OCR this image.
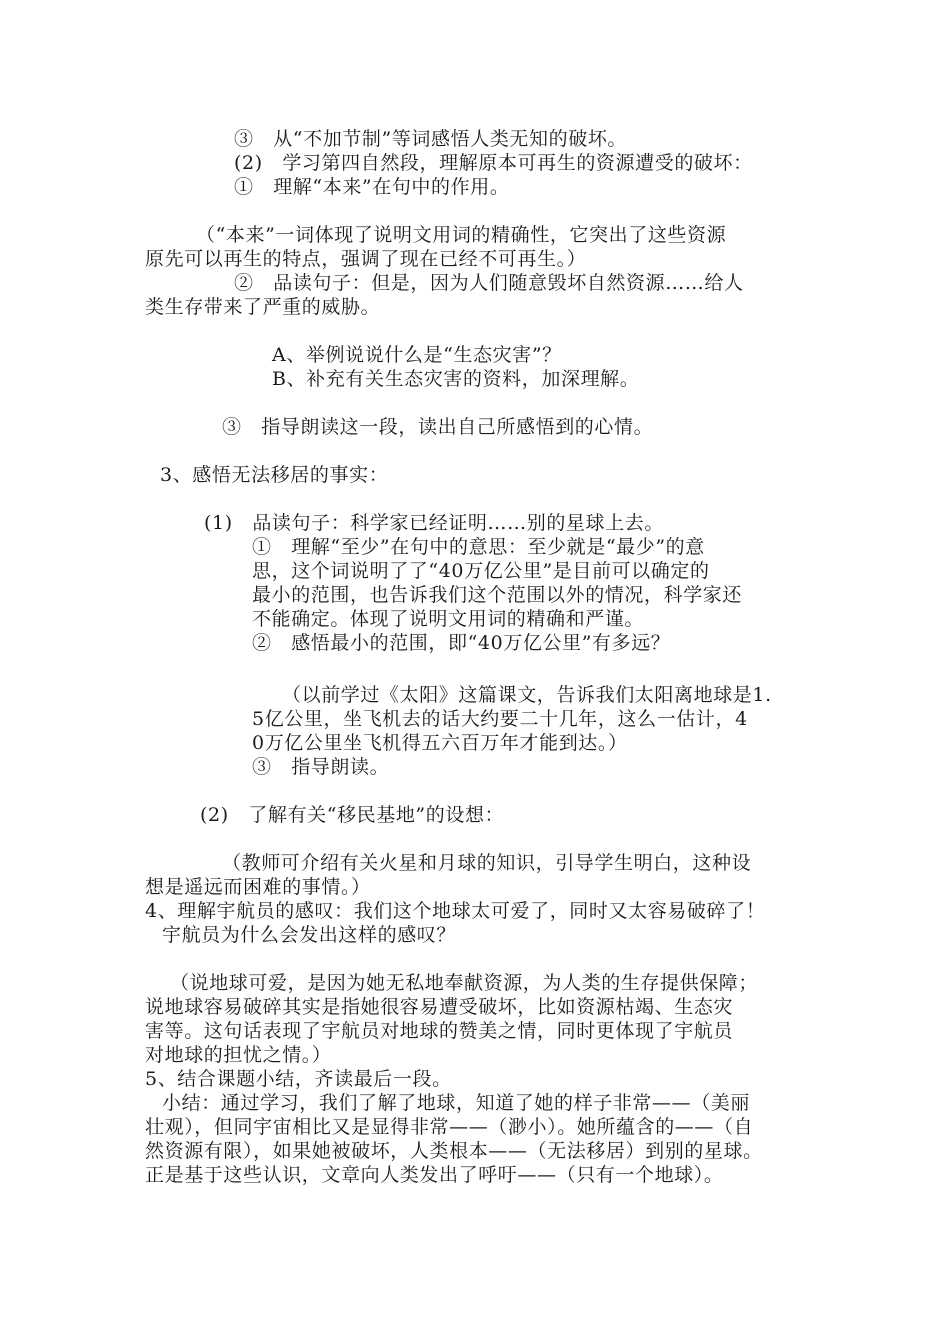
③　从“不加节制”等词感悟人类无知的破坏。
(2)　学习第四自然段，理解原本可再生的资源遭受的破坏：
①　理解“本来”在句中的作用。
（“本来”一词体现了说明文用词的精确性，它突出了这些资源
原先可以再生的特点，强调了现在已经不可再生。）
②　品读句子：但是，因为人们随意毁坏自然资源……给人
类生存带来了严重的威胁。
A、举例说说什么是“生态灾害”？
B、补充有关生态灾害的资料，加深理解。
③　指导朗读这一段，读出自己所感悟到的心情。
3、感悟无法移居的事实：
(1)　品读句子：科学家已经证明……别的星球上去。
①　理解“至少”在句中的意思：至少就是“最少”的意
思，这个词说明了了“40万亿公里”是目前可以确定的
最小的范围，也告诉我们这个范围以外的情况，科学家还
不能确定。体现了说明文用词的精确和严谨。
②　感悟最小的范围，即“40万亿公里”有多远？
（以前学过《太阳》这篇课文，告诉我们太阳离地球是1.
5亿公里，坐飞机去的话大约要二十几年，这么一估计，4
0万亿公里坐飞机得五六百万年才能到达。）
③　指导朗读。
(2)　了解有关“移民基地”的设想：
（教师可介绍有关火星和月球的知识，引导学生明白，这种设
想是遥远而困难的事情。）
4、理解宇航员的感叹：我们这个地球太可爱了，同时又太容易破碎了！
宇航员为什么会发出这样的感叹？
（说地球可爱，是因为她无私地奉献资源，为人类的生存提供保障；
说地球容易破碎其实是指她很容易遭受破坏，比如资源枯竭、生态灾
害等。这句话表现了宇航员对地球的赞美之情，同时更体现了宇航员
对地球的担忧之情。）
5、结合课题小结，齐读最后一段。
小结：通过学习，我们了解了地球，知道了她的样子非常——（美丽
壮观），但同宇宙相比又是显得非常——（渺小）。她所蕴含的——（自
然资源有限），如果她被破坏，人类根本——（无法移居）到别的星球。
正是基于这些认识，文章向人类发出了呼吁——（只有一个地球）。
